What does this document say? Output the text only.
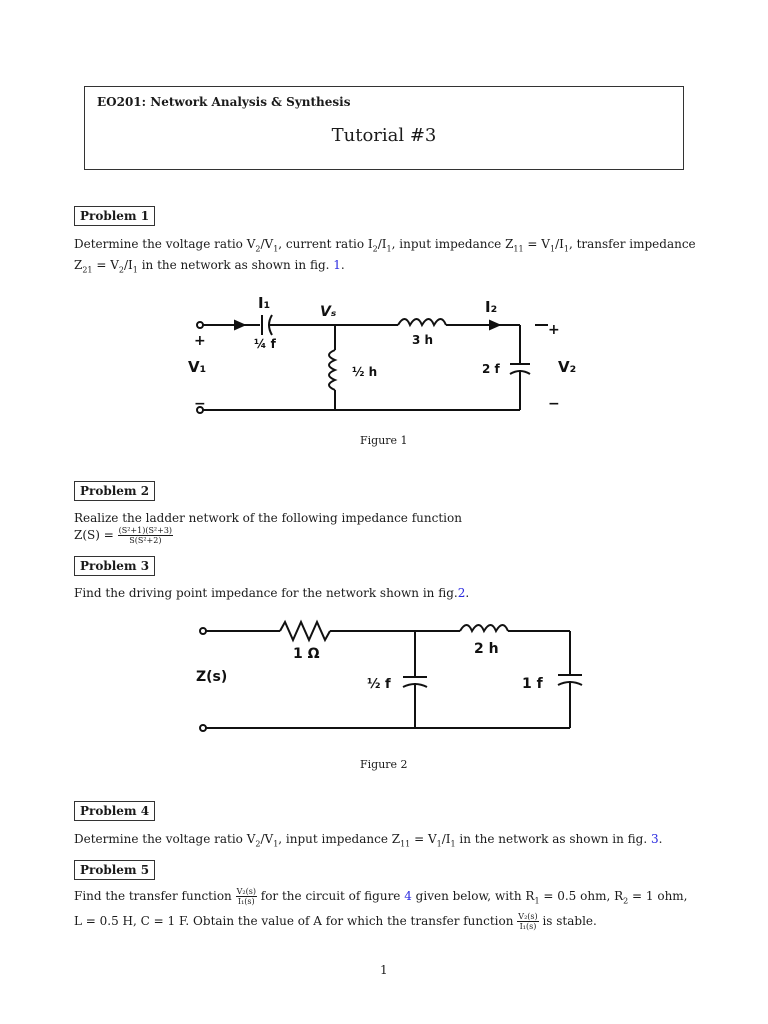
EO201: Network Analysis & Synthesis
Tutorial #3
Problem 1
Determine the voltage ratio $V_2/V_1$, current ratio $I_2/I_1$, input impedance $Z_{11} = V_1/I_1$, transfer impedance
$Z_{21} = V_2/I_1$ in the network as shown in fig. 1.
I₁	Vₛ	I₂
V₁	V₂
¼ f
½ h
3 h
2 f
+
−
+
−
Figure 1
Problem 2
Realize the ladder network of the following impedance function
$Z(S) = \frac{\text{(S²+1)(S²+3)}}{\text{S(S²+2)}}$
Problem 3
Find the driving point impedance for the network shown in fig.2.
1 Ω	2 h
Z(s)	½ f	1 f
Figure 2
Problem 4
Determine the voltage ratio $V_2/V_1$, input impedance $Z_{11} = V_1/I_1$ in the network as shown in fig. 3.
Problem 5
Find the transfer function $\frac{\text{V₂(s)}}{\text{I₁(s)}}$ for the circuit of figure 4 given below, with $R_1 = 0.5$ ohm, $R_2 = 1$ ohm,
L = 0.5 H, C = 1 F. Obtain the value of A for which the transfer function $\frac{\text{V₂(s)}}{\text{I₁(s)}}$ is stable.
1
